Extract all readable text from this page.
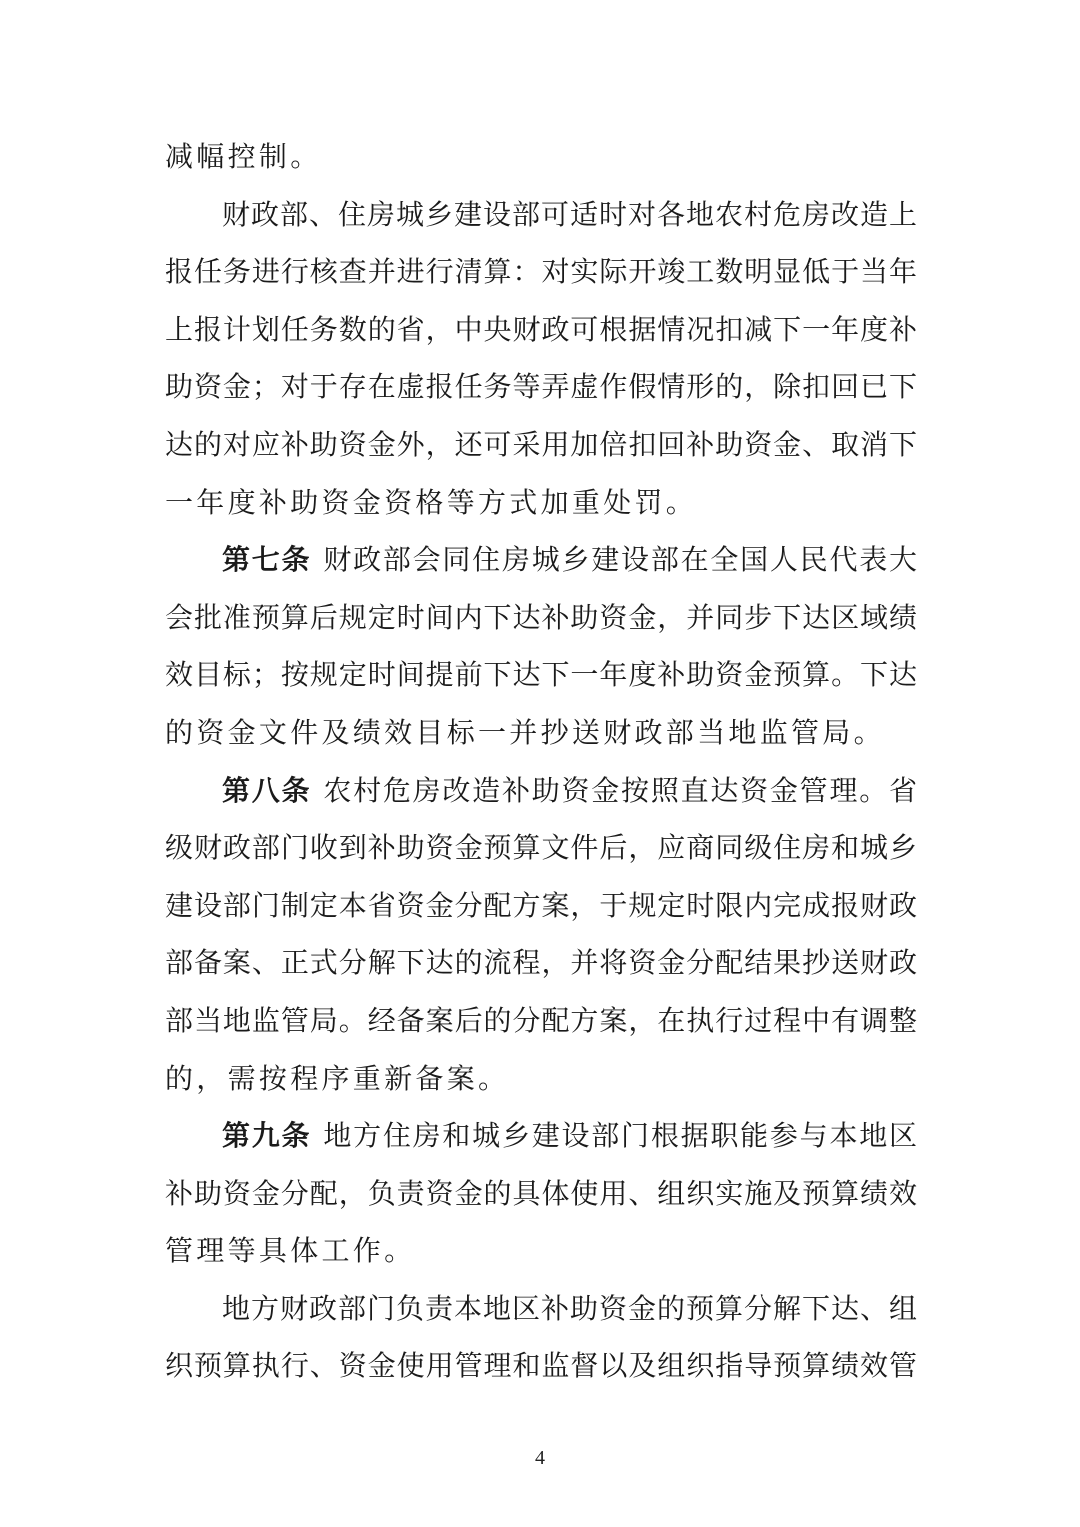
减幅控制。
财政部、住房城乡建设部可适时对各地农村危房改造上
报任务进行核查并进行清算：对实际开竣工数明显低于当年
上报计划任务数的省，中央财政可根据情况扣减下一年度补
助资金；对于存在虚报任务等弄虚作假情形的，除扣回已下
达的对应补助资金外，还可采用加倍扣回补助资金、取消下
一年度补助资金资格等方式加重处罚。
第七条 财政部会同住房城乡建设部在全国人民代表大
会批准预算后规定时间内下达补助资金，并同步下达区域绩
效目标；按规定时间提前下达下一年度补助资金预算。下达
的资金文件及绩效目标一并抄送财政部当地监管局。
第八条 农村危房改造补助资金按照直达资金管理。省
级财政部门收到补助资金预算文件后，应商同级住房和城乡
建设部门制定本省资金分配方案，于规定时限内完成报财政
部备案、正式分解下达的流程，并将资金分配结果抄送财政
部当地监管局。经备案后的分配方案，在执行过程中有调整
的，需按程序重新备案。
第九条 地方住房和城乡建设部门根据职能参与本地区
补助资金分配，负责资金的具体使用、组织实施及预算绩效
管理等具体工作。
地方财政部门负责本地区补助资金的预算分解下达、组
织预算执行、资金使用管理和监督以及组织指导预算绩效管
4
